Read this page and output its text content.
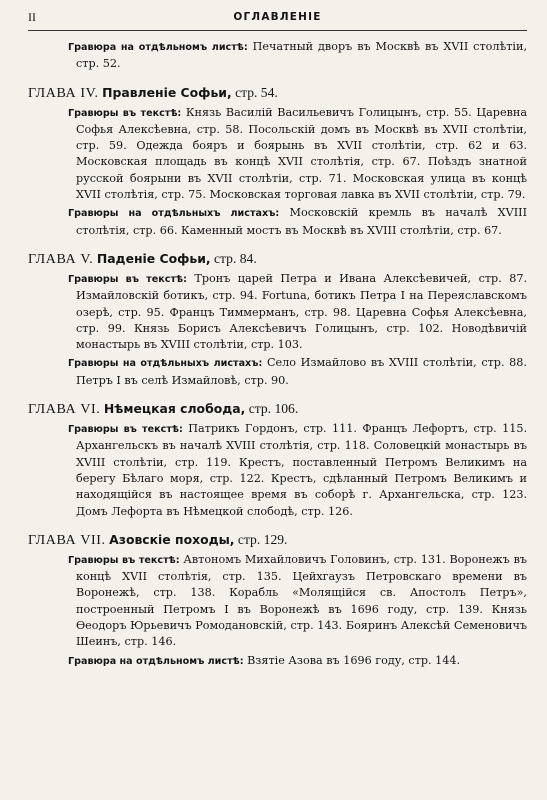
II	ОГЛАВЛЕНIЕ
Гравюра на отдѣльномъ листѣ: Печатный дворъ въ Москвѣ въ XVII столѣтiи, стр. 52.
ГЛАВА IV. Правленiе Софьи, стр. 54.
Гравюры въ текстѣ: Князь Василiй Васильевичъ Голицынъ, стр. 55. Царевна Софья Алексѣевна, стр. 58. Посольскiй домъ въ Москвѣ въ XVII столѣтiи, стр. 59. Одежда бояръ и боярынь въ XVII столѣтiи, стр. 62 и 63. Московская площадь въ концѣ XVII столѣтiя, стр. 67. Поѣздъ знатной русской боярыни въ XVII столѣтiи, стр. 71. Московская улица въ концѣ XVII столѣтiя, стр. 75. Московская торговая лавка въ XVII столѣтiи, стр. 79.
Гравюры на отдѣльныхъ листахъ: Московскiй кремль въ началѣ XVIII столѣтiя, стр. 66. Каменный мостъ въ Москвѣ въ XVIII столѣтiи, стр. 67.
ГЛАВА V. Паденiе Софьи, стр. 84.
Гравюры въ текстѣ: Тронъ царей Петра и Ивана Алексѣевичей, стр. 87. Измайловскiй ботикъ, стр. 94. Fortuna, ботикъ Петра I на Переяславскомъ озерѣ, стр. 95. Францъ Тиммерманъ, стр. 98. Царевна Софья Алексѣевна, стр. 99. Князь Борисъ Алексѣевичъ Голицынъ, стр. 102. Новодѣвичiй монастырь въ XVIII столѣтiи, стр. 103.
Гравюры на отдѣльныхъ листахъ: Село Измайлово въ XVIII столѣтiи, стр. 88. Петръ I въ селѣ Измайловѣ, стр. 90.
ГЛАВА VI. Нѣмецкая слобода, стр. 106.
Гравюры въ текстѣ: Патрикъ Гордонъ, стр. 111. Францъ Лефортъ, стр. 115. Архангельскъ въ началѣ XVIII столѣтiя, стр. 118. Соловецкiй монастырь въ XVIII столѣтiи, стр. 119. Крестъ, поставленный Петромъ Великимъ на берегу Бѣлаго моря, стр. 122. Крестъ, сдѣланный Петромъ Великимъ и находящiйся въ настоящее время въ соборѣ г. Архангельска, стр. 123. Домъ Лефорта въ Нѣмецкой слободѣ, стр. 126.
ГЛАВА VII. Азовскiе походы, стр. 129.
Гравюры въ текстѣ: Автономъ Михайловичъ Головинъ, стр. 131. Воронежъ въ концѣ XVII столѣтiя, стр. 135. Цейхгаузъ Петровскаго времени въ Воронежѣ, стр. 138. Корабль «Молящiйся св. Апостолъ Петръ», построенный Петромъ I въ Воронежѣ въ 1696 году, стр. 139. Князь Өеодоръ Юрьевичъ Ромодановскiй, стр. 143. Бояринъ Алексѣй Семеновичъ Шеинъ, стр. 146.
Гравюра на отдѣльномъ листѣ: Взятiе Азова въ 1696 году, стр. 144.
